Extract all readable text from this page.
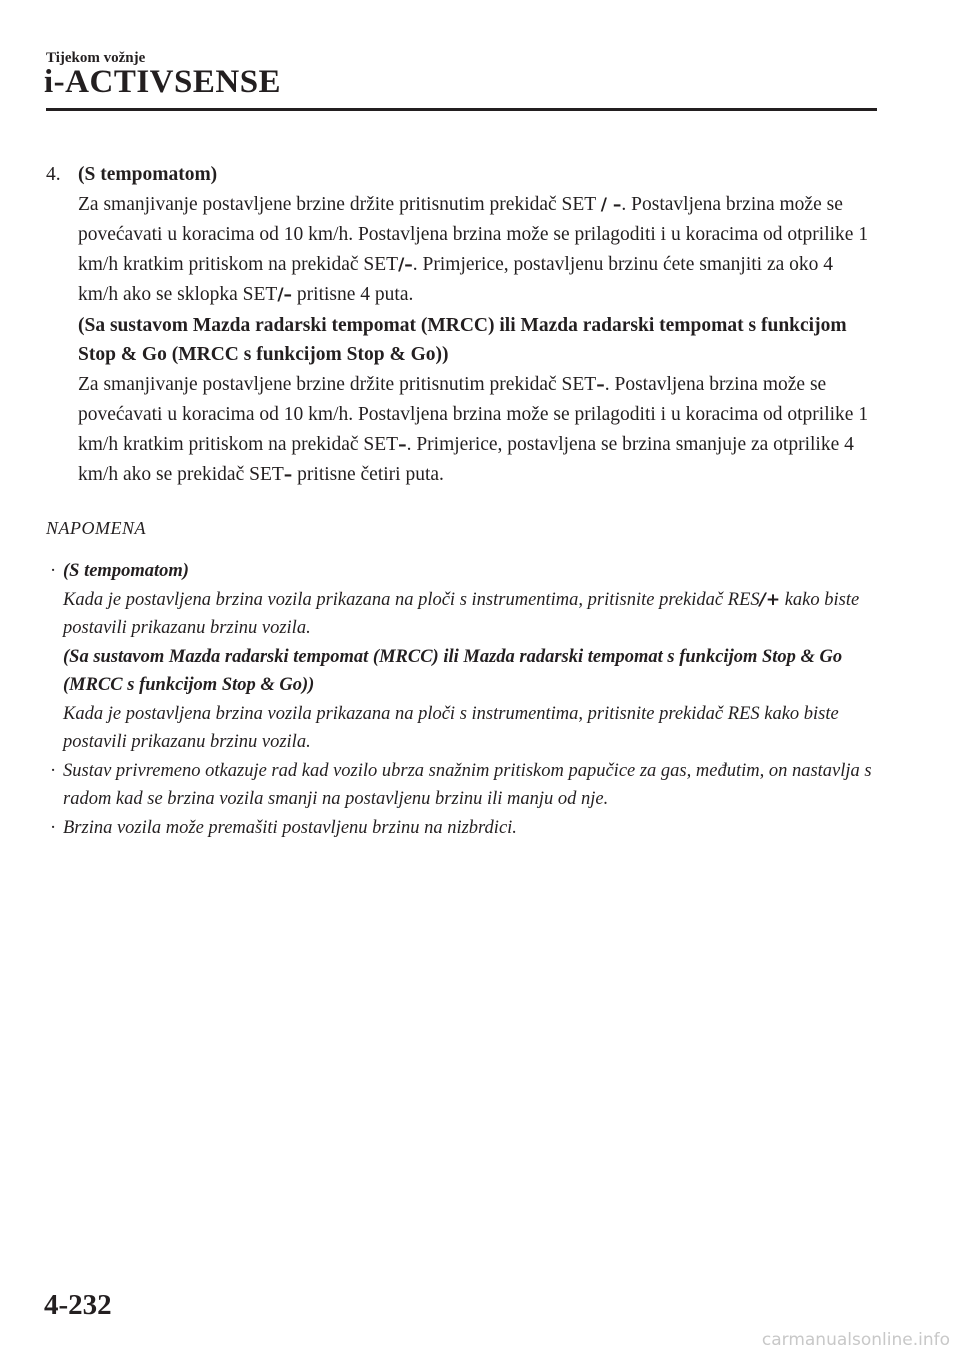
Tijekom vožnje
i-ACTIVSENSE
4. (S tempomatom)

Za smanjivanje postavljene brzine držite pritisnutim prekidač SET / –. Postavljena brzina može se povećavati u koracima od 10 km/h. Postavljena brzina može se prilagoditi i u koracima od otprilike 1 km/h kratkim pritiskom na prekidač SET/–. Primjerice, postavljenu brzinu ćete smanjiti za oko 4 km/h ako se sklopka SET/– pritisne 4 puta.

(Sa sustavom Mazda radarski tempomat (MRCC) ili Mazda radarski tempomat s funkcijom Stop & Go (MRCC s funkcijom Stop & Go))

Za smanjivanje postavljene brzine držite pritisnutim prekidač SET–. Postavljena brzina može se povećavati u koracima od 10 km/h. Postavljena brzina može se prilagoditi i u koracima od otprilike 1 km/h kratkim pritiskom na prekidač SET–. Primjerice, postavljena se brzina smanjuje za otprilike 4 km/h ako se prekidač SET– pritisne četiri puta.

NAPOMENA
· (S tempomatom)
Kada je postavljena brzina vozila prikazana na ploči s instrumentima, pritisnite prekidač RES/+ kako biste postavili prikazanu brzinu vozila.
(Sa sustavom Mazda radarski tempomat (MRCC) ili Mazda radarski tempomat s funkcijom Stop & Go (MRCC s funkcijom Stop & Go))
Kada je postavljena brzina vozila prikazana na ploči s instrumentima, pritisnite prekidač RES kako biste postavili prikazanu brzinu vozila.
· Sustav privremeno otkazuje rad kad vozilo ubrza snažnim pritiskom papučice za gas, međutim, on nastavlja s radom kad se brzina vozila smanji na postavljenu brzinu ili manju od nje.
· Brzina vozila može premašiti postavljenu brzinu na nizbrdici.
4-232
carmanualsonline.info
